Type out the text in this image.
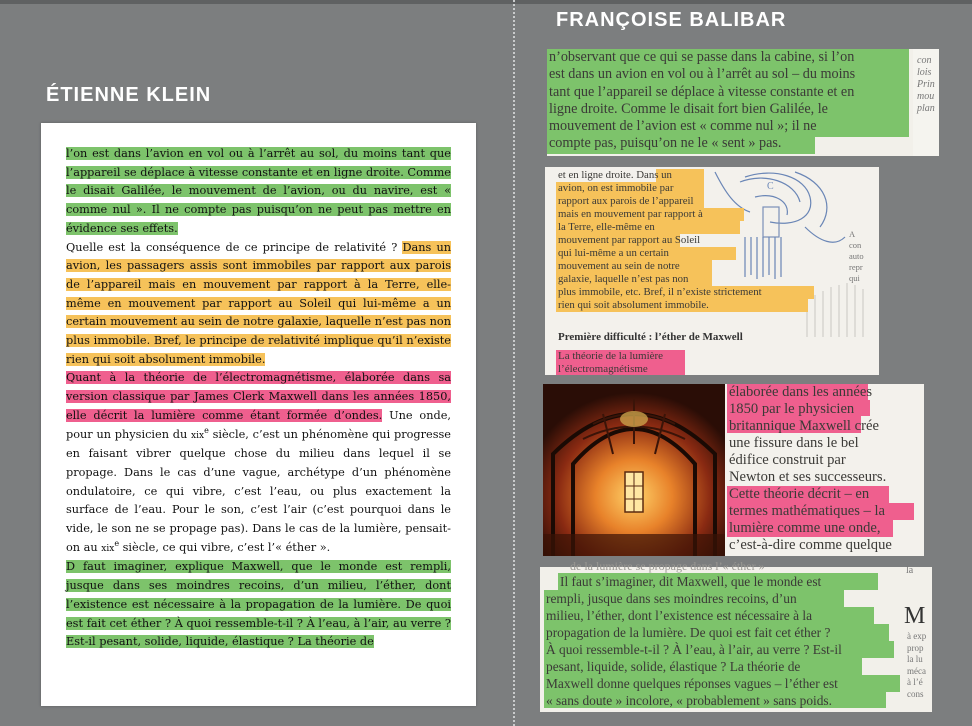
ÉTIENNE KLEIN
FRANÇOISE BALIBAR
l’on est dans l’avion en vol ou à l’arrêt au sol, du moins tant que l’appareil se déplace à vitesse constante et en ligne droite. Comme le disait Galilée, le mouvement de l’avion, ou du navire, est « comme nul ». Il ne compte pas puisqu’on ne peut pas mettre en évidence ses effets.
Quelle est la conséquence de ce principe de relativité ? Dans un avion, les passagers assis sont immobiles par rapport aux parois de l’appareil mais en mouvement par rapport à la Terre, elle-même en mouvement par rapport au Soleil qui lui-même a un certain mouvement au sein de notre galaxie, laquelle n’est pas non plus immobile. Bref, le principe de relativité implique qu’il n’existe rien qui soit absolument immobile.
Quant à la théorie de l’électromagnétisme, élaborée dans sa version classique par James Clerk Maxwell dans les années 1850, elle décrit la lumière comme étant formée d’ondes. Une onde, pour un physicien du xix$^e$ siècle, c’est un phénomène qui progresse en faisant vibrer quelque chose du milieu dans lequel il se propage. Dans le cas d’une vague, archétype d’un phénomène ondulatoire, ce qui vibre, c’est l’eau, ou plus exactement la surface de l’eau. Pour le son, c’est l’air (c’est pourquoi dans le vide, le son ne se propage pas). Dans le cas de la lumière, pensait-on au xix$^e$ siècle, ce qui vibre, c’est l’« éther ».
D faut imaginer, explique Maxwell, que le monde est rempli, jusque dans ses moindres recoins, d’un milieu, l’éther, dont l’existence est nécessaire à la propagation de la lumière. De quoi est fait cet éther ? À quoi ressemble-t-il ? À l’eau, à l’air, au verre ? Est-il pesant, solide, liquide, élastique ? La théorie de
n’observant que ce qui se passe dans la cabine, si l’on
est dans un avion en vol ou à l’arrêt au sol – du moins
tant que l’appareil se déplace à vitesse constante et en
ligne droite. Comme le disait fort bien Galilée, le
mouvement de l’avion est « comme nul »; il ne
compte pas, puisqu’on ne le « sent » pas.
con
lois
Prin
mou
plan
C
et en ligne droite. Dans un
avion, on est immobile par
rapport aux parois de l’appareil
mais en mouvement par rapport à
la Terre, elle-même en
mouvement par rapport au Soleil
qui lui-même a un certain
mouvement au sein de notre
galaxie, laquelle n’est pas non
plus immobile, etc. Bref, il n’existe strictement
rien qui soit absolument immobile.
Première difficulté : l’éther de Maxwell
La théorie de la lumière
l’électromagnétisme
A
con
auto
repr
qui
élaborée dans les années
1850 par le physicien
britannique Maxwell crée
une fissure dans le bel
édifice construit par
Newton et ses successeurs.
Cette théorie décrit – en
termes mathématiques – la
lumière comme une onde,
c’est-à-dire comme quelque
de la lumière se propage dans l’« éther »
Il faut s’imaginer, dit Maxwell, que le monde est
rempli, jusque dans ses moindres recoins, d’un
milieu, l’éther, dont l’existence est nécessaire à la
propagation de la lumière. De quoi est fait cet éther ?
À quoi ressemble-t-il ? À l’eau, à l’air, au verre ? Est-il
pesant, liquide, solide, élastique ? La théorie de
Maxwell donne quelques réponses vagues – l’éther est
« sans doute » incolore, « probablement » sans poids.
la
M
à exp
prop
la lu
méca
à l’é
cons
